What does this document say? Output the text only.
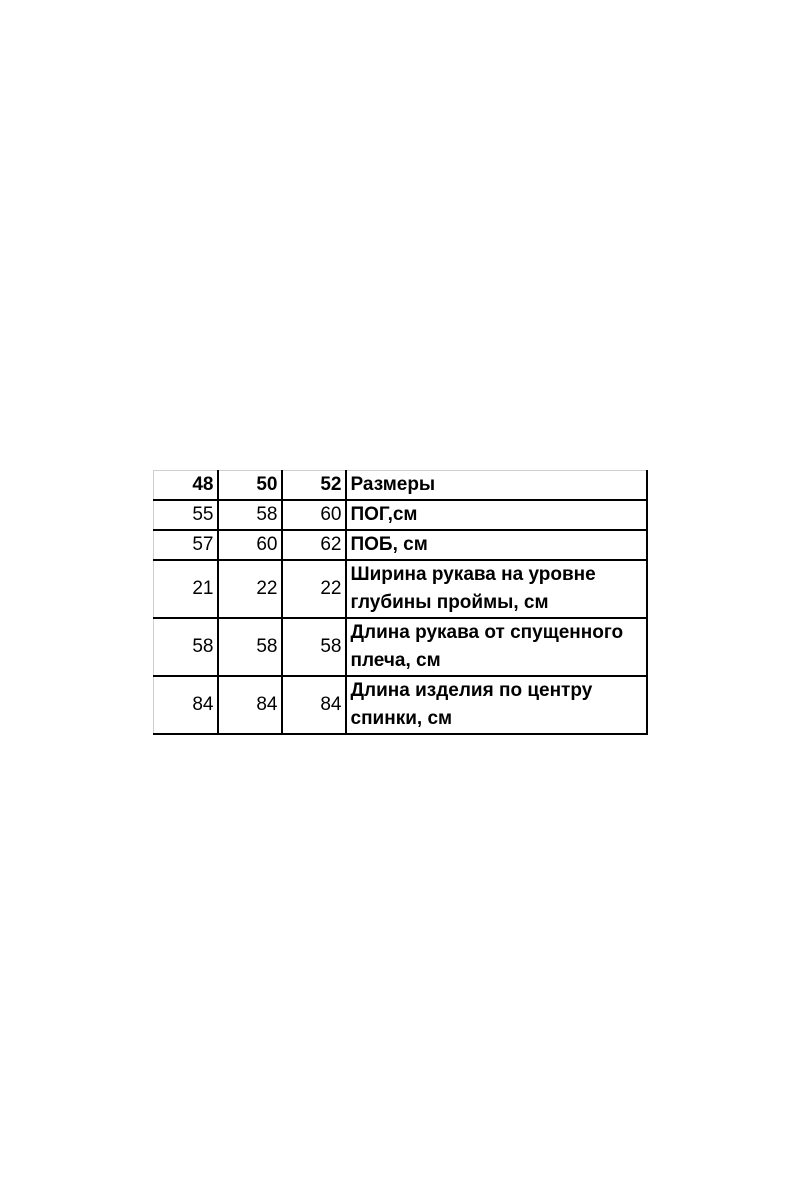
48	50	52	Размеры
55	58	60	ПОГ,см
57	60	62	ПОБ, см
21	22	22	Ширина рукава на уровне
глубины проймы, см
58	58	58	Длина рукава от спущенного
плеча, см
84	84	84	Длина изделия по центру
спинки, см
